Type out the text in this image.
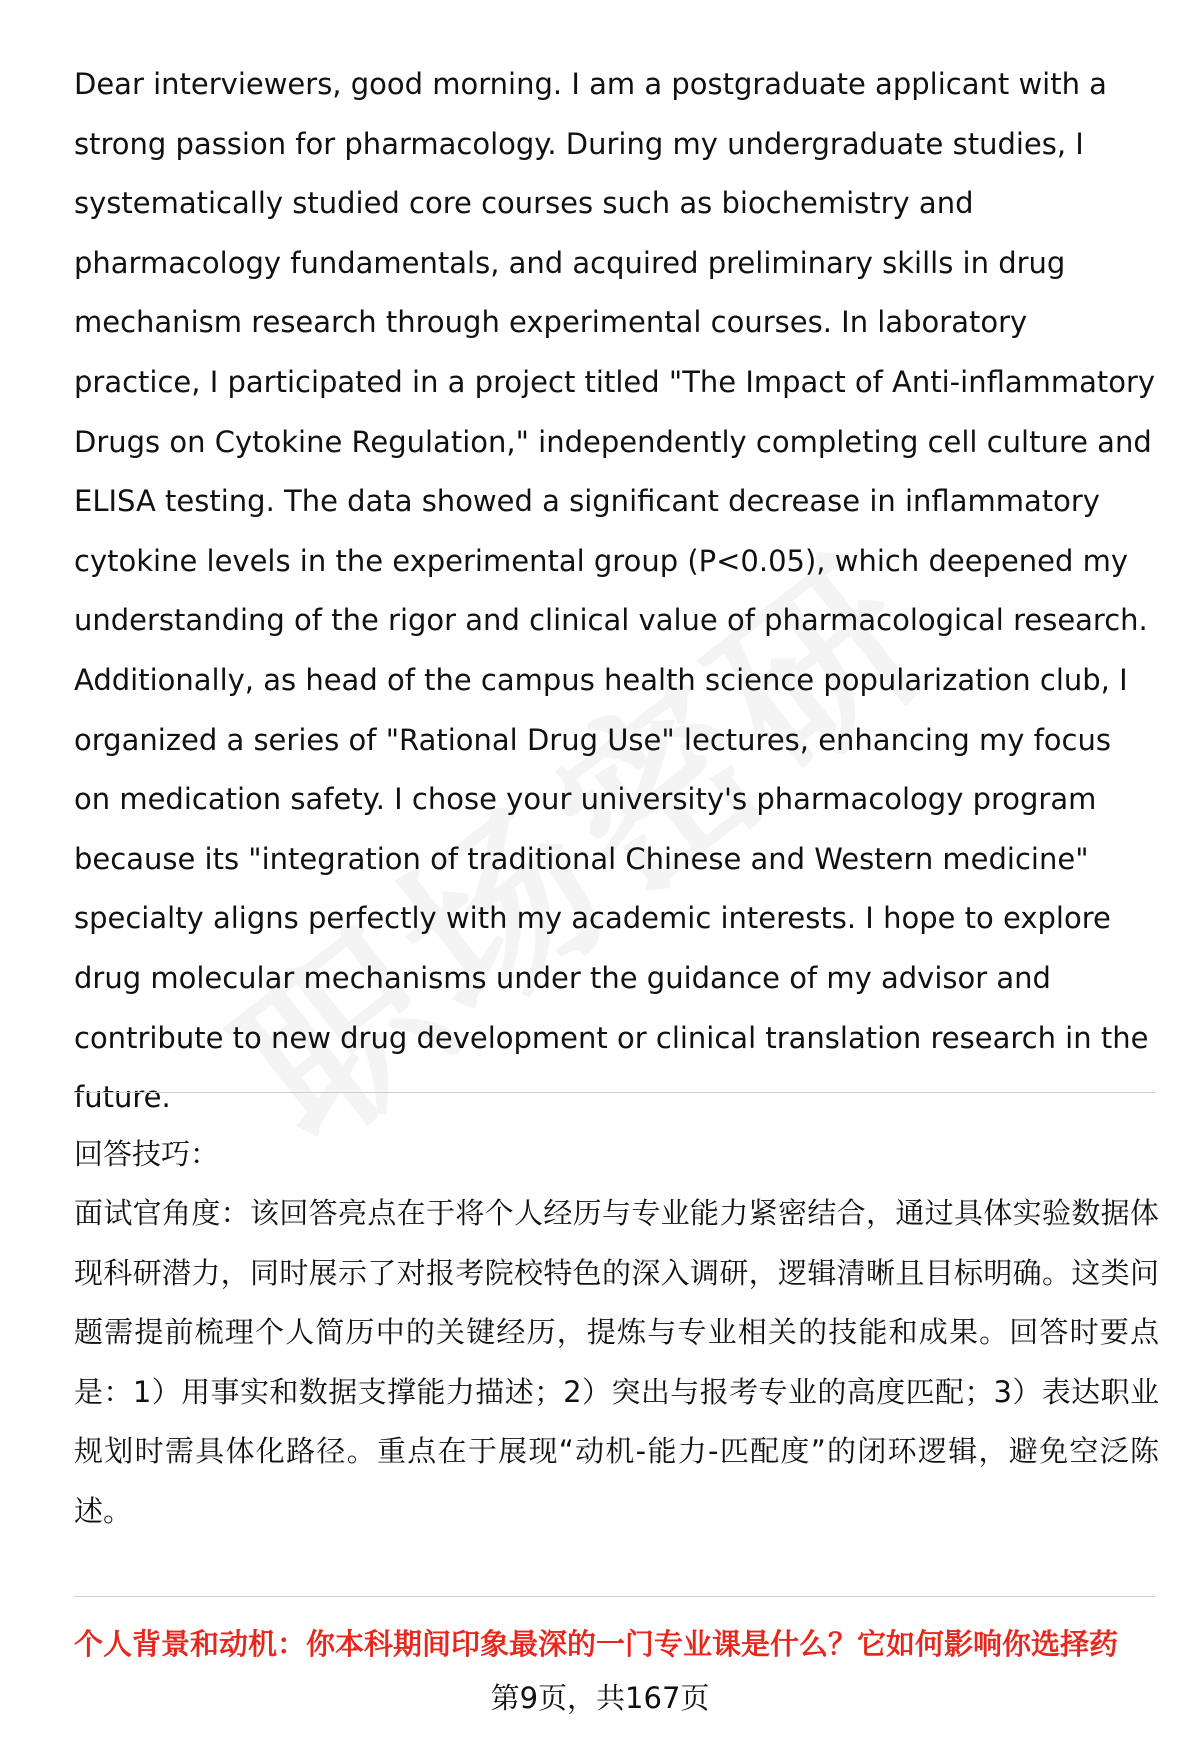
Dear interviewers, good morning. I am a postgraduate applicant with a strong passion for pharmacology. During my undergraduate studies, I systematically studied core courses such as biochemistry and pharmacology fundamentals, and acquired preliminary skills in drug mechanism research through experimental courses. In laboratory practice, I participated in a project titled "The Impact of Anti-inflammatory Drugs on Cytokine Regulation," independently completing cell culture and ELISA testing. The data showed a significant decrease in inflammatory cytokine levels in the experimental group (P<0.05), which deepened my understanding of the rigor and clinical value of pharmacological research. Additionally, as head of the campus health science popularization club, I organized a series of "Rational Drug Use" lectures, enhancing my focus on medication safety. I chose your university's pharmacology program because its "integration of traditional Chinese and Western medicine" specialty aligns perfectly with my academic interests. I hope to explore drug molecular mechanisms under the guidance of my advisor and contribute to new drug development or clinical translation research in the future.

回答技巧：

面试官角度：该回答亮点在于将个人经历与专业能力紧密结合，通过具体实验数据体现科研潜力，同时展示了对报考院校特色的深入调研，逻辑清晰且目标明确。这类问题需提前梳理个人简历中的关键经历，提炼与专业相关的技能和成果。回答时要点是：1）用事实和数据支撑能力描述；2）突出与报考专业的高度匹配；3）表达职业规划时需具体化路径。重点在于展现“动机-能力-匹配度”的闭环逻辑，避免空泛陈述。

个人背景和动机：你本科期间印象最深的一门专业课是什么？它如何影响你选择药

第9页，共167页
